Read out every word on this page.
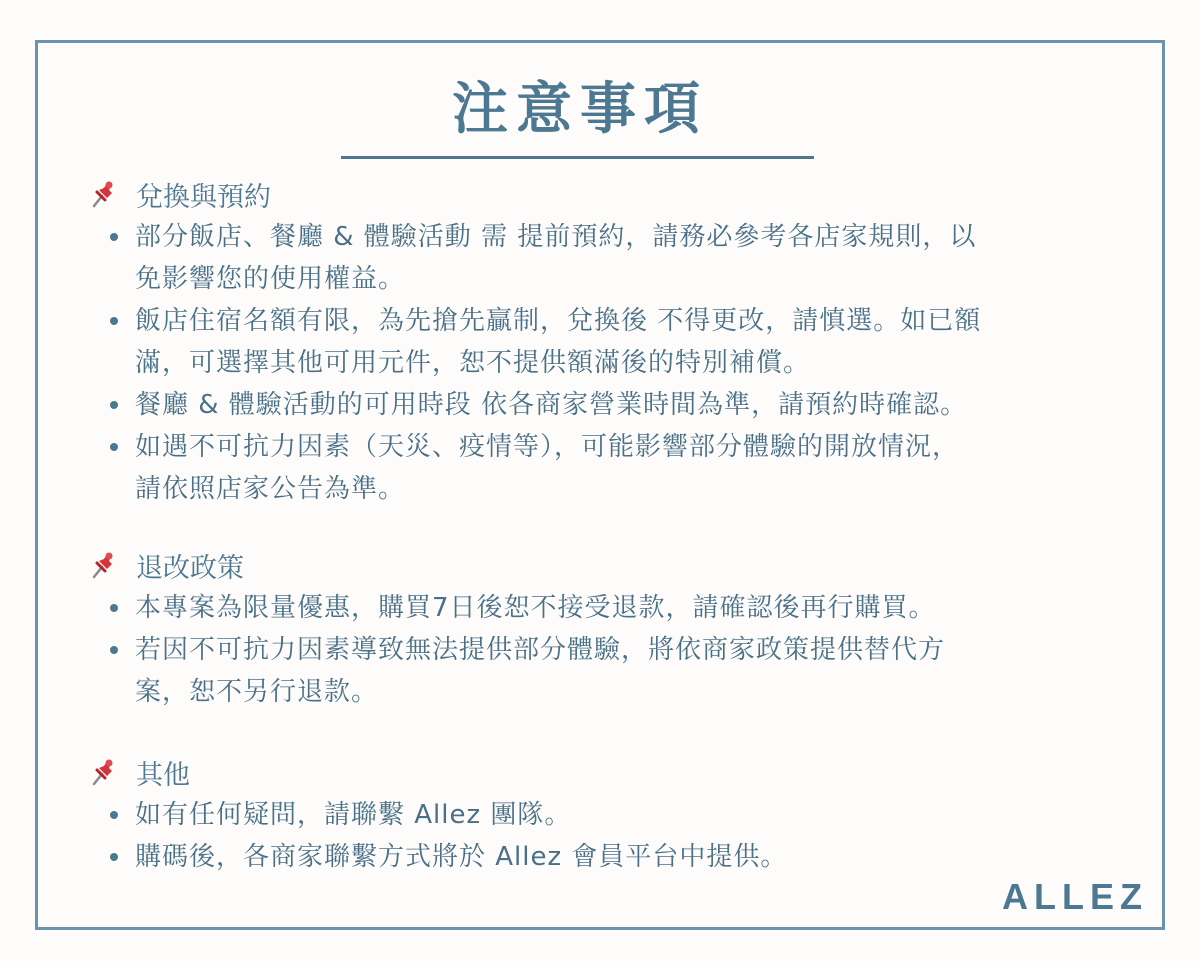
注意事項
兌換與預約
部分飯店、餐廳 & 體驗活動 需 提前預約，請務必參考各店家規則，以
免影響您的使用權益。
飯店住宿名額有限，為先搶先贏制，兌換後 不得更改，請慎選。如已額
滿，可選擇其他可用元件，恕不提供額滿後的特別補償。
餐廳 & 體驗活動的可用時段 依各商家營業時間為準，請預約時確認。
如遇不可抗力因素（天災、疫情等），可能影響部分體驗的開放情況，
請依照店家公告為準。
退改政策
本專案為限量優惠，購買7日後恕不接受退款，請確認後再行購買。
若因不可抗力因素導致無法提供部分體驗，將依商家政策提供替代方
案，恕不另行退款。
其他
如有任何疑問，請聯繫 Allez 團隊。
購碼後，各商家聯繫方式將於 Allez 會員平台中提供。
ALLEZ
